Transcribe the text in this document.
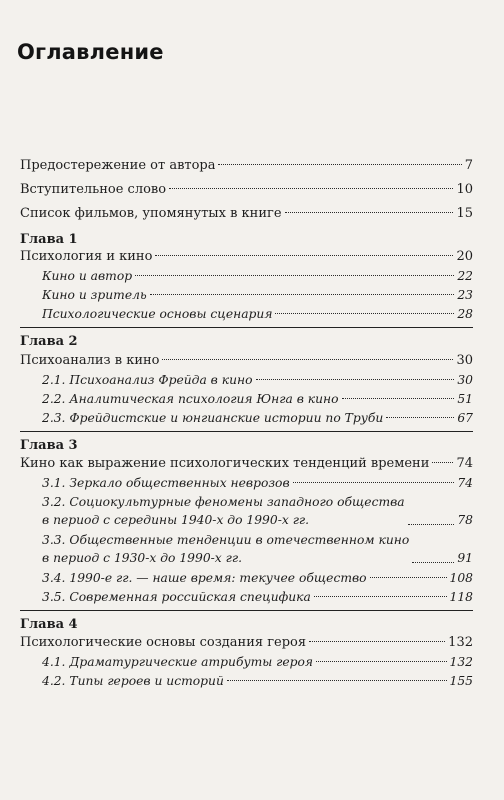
Оглавление
Предостережение от автора	7
Вступительное слово	10
Список фильмов, упомянутых в книге	15
Глава 1
Психология и кино	20
Кино и автор	22
Кино и зритель	23
Психологические основы сценария	28
Глава 2
Психоанализ в кино	30
2.1. Психоанализ Фрейда в кино	30
2.2. Аналитическая психология Юнга в кино	51
2.3. Фрейдистские и юнгианские истории по Труби	67
Глава 3
Кино как выражение психологических тенденций времени 74
3.1. Зеркало общественных неврозов	74
3.2. Социокультурные феномены западного общества
в период с середины 1940-х до 1990-х гг.	78
3.3. Общественные тенденции в отечественном кино
в период с 1930-х до 1990-х гг.	91
3.4. 1990-е гг. — наше время: текучее общество	108
3.5. Современная российская специфика	118
Глава 4
Психологические основы создания героя	132
4.1. Драматургические атрибуты героя	132
4.2. Типы героев и историй	155
